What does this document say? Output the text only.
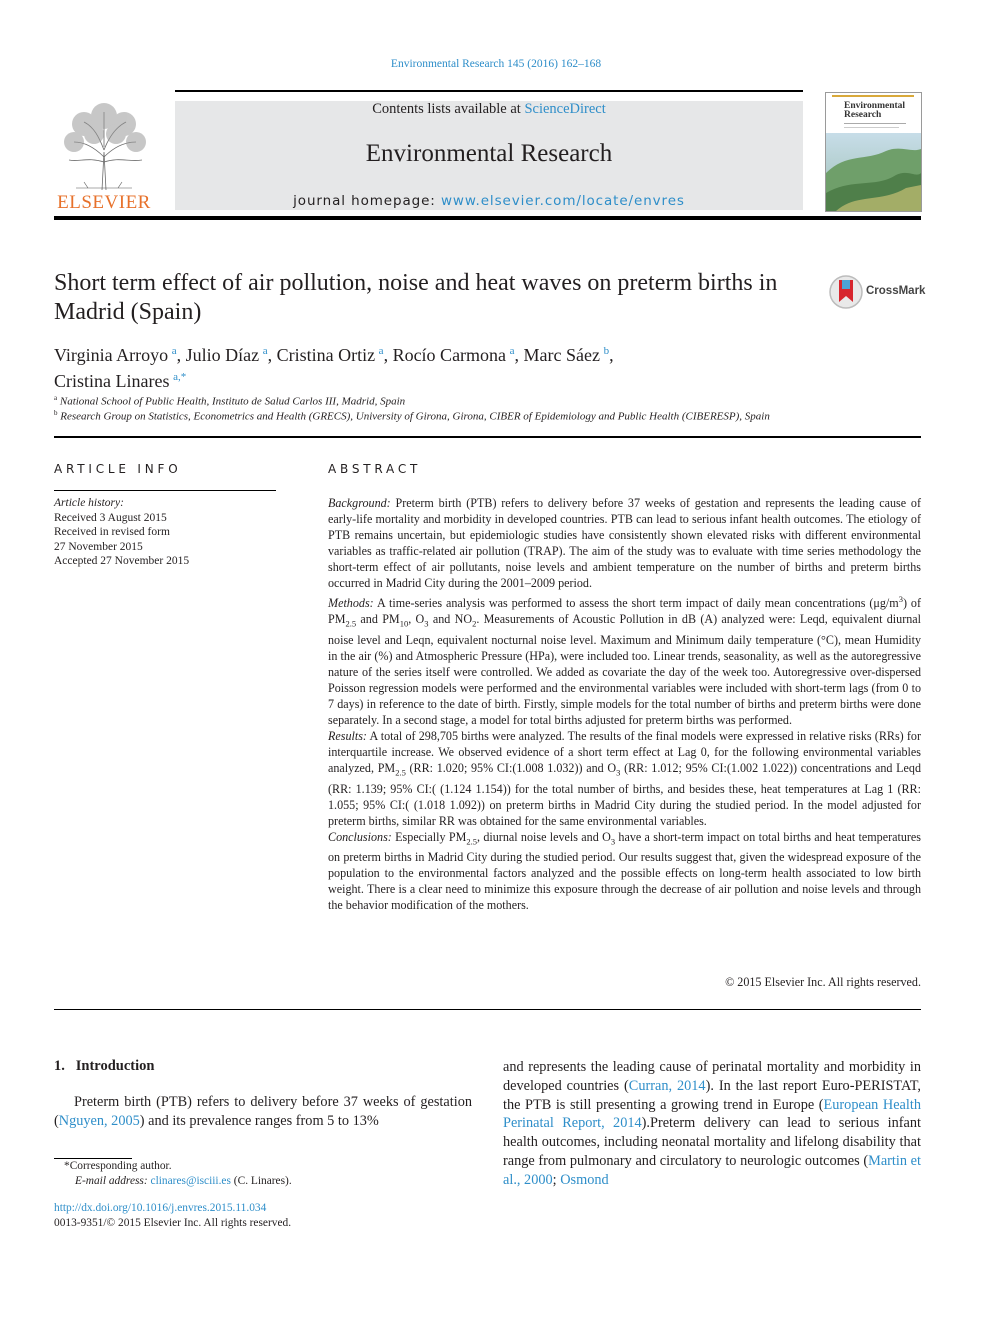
Environmental Research 145 (2016) 162–168
ELSEVIER
Contents lists available at ScienceDirect
Environmental Research
journal homepage: www.elsevier.com/locate/envres
Environmental Research
CrossMark
Short term effect of air pollution, noise and heat waves on preterm births in Madrid (Spain)
Virginia Arroyo  $^a$, Julio Díaz  $^a$, Cristina Ortiz  $^a$, Rocío Carmona  $^a$, Marc Sáez  $^b$,
Cristina Linares  $^{a,*}$
$^a$ National School of Public Health, Instituto de Salud Carlos III, Madrid, Spain
$^b$ Research Group on Statistics, Econometrics and Health (GRECS), University of Girona, Girona, CIBER of Epidemiology and Public Health (CIBERESP), Spain
ARTICLE INFO
Article history:
Received 3 August 2015
Received in revised form
27 November 2015
Accepted 27 November 2015
ABSTRACT

Background: Preterm birth (PTB) refers to delivery before 37 weeks of gestation and represents the leading cause of early-life mortality and morbidity in developed countries. PTB can lead to serious infant health outcomes. The etiology of PTB remains uncertain, but epidemiologic studies have consistently shown elevated risks with different environmental variables as traffic-related air pollution (TRAP). The aim of the study was to evaluate with time series methodology the short-term effect of air pollutants, noise levels and ambient temperature on the number of births and preterm births occurred in Madrid City during the 2001–2009 period.

Methods: A time-series analysis was performed to assess the short term impact of daily mean concentrations $(\mu g/m^3)$ of $PM_{2.5}$ and $PM_{10}$, $O_3$ and $NO_2$. Measurements of Acoustic Pollution in dB (A) analyzed were: Leqd, equivalent diurnal noise level and Leqn, equivalent nocturnal noise level. Maximum and Minimum daily temperature (°C), mean Humidity in the air (%) and Atmospheric Pressure (HPa), were included too. Linear trends, seasonality, as well as the autoregressive nature of the series itself were controlled. We added as covariate the day of the week too. Autoregressive over-dispersed Poisson regression models were performed and the environmental variables were included with short-term lags (from 0 to 7 days) in reference to the date of birth. Firstly, simple models for the total number of births and preterm births were done separately. In a second stage, a model for total births adjusted for preterm births was performed.

Results: A total of 298,705 births were analyzed. The results of the final models were expressed in relative risks (RRs) for interquartile increase. We observed evidence of a short term effect at Lag 0, for the following environmental variables analyzed, $PM_{2.5}$ (RR: 1.020; 95% CI:(1.008 1.032)) and $O_3$ (RR: 1.012; 95% CI:(1.002 1.022)) concentrations and Leqd (RR: 1.139; 95% CI:( (1.124 1.154)) for the total number of births, and besides these, heat temperatures at Lag 1 (RR: 1.055; 95% CI:( (1.018 1.092)) on preterm births in Madrid City during the studied period. In the model adjusted for preterm births, similar RR was obtained for the same environmental variables.

Conclusions: Especially $PM_{2.5}$, diurnal noise levels and $O_3$ have a short-term impact on total births and heat temperatures on preterm births in Madrid City during the studied period. Our results suggest that, given the widespread exposure of the population to the environmental factors analyzed and the possible effects on long-term health associated to low birth weight. There is a clear need to minimize this exposure through the decrease of air pollution and noise levels and through the behavior modification of the mothers.

© 2015 Elsevier Inc. All rights reserved.
1. Introduction
Preterm birth (PTB) refers to delivery before 37 weeks of gestation (Nguyen, 2005) and its prevalence ranges from 5 to 13%
and represents the leading cause of perinatal mortality and morbidity in developed countries (Curran, 2014). In the last report Euro-PERISTAT, the PTB is still presenting a growing trend in Europe (European Health Perinatal Report, 2014).Preterm delivery can lead to serious infant health outcomes, including neonatal mortality and lifelong disability that range from pulmonary and circulatory to neurologic outcomes (Martin et al., 2000; Osmond
*Corresponding author.
E-mail address: clinares@isciii.es (C. Linares).
http://dx.doi.org/10.1016/j.envres.2015.11.034
0013-9351/© 2015 Elsevier Inc. All rights reserved.
